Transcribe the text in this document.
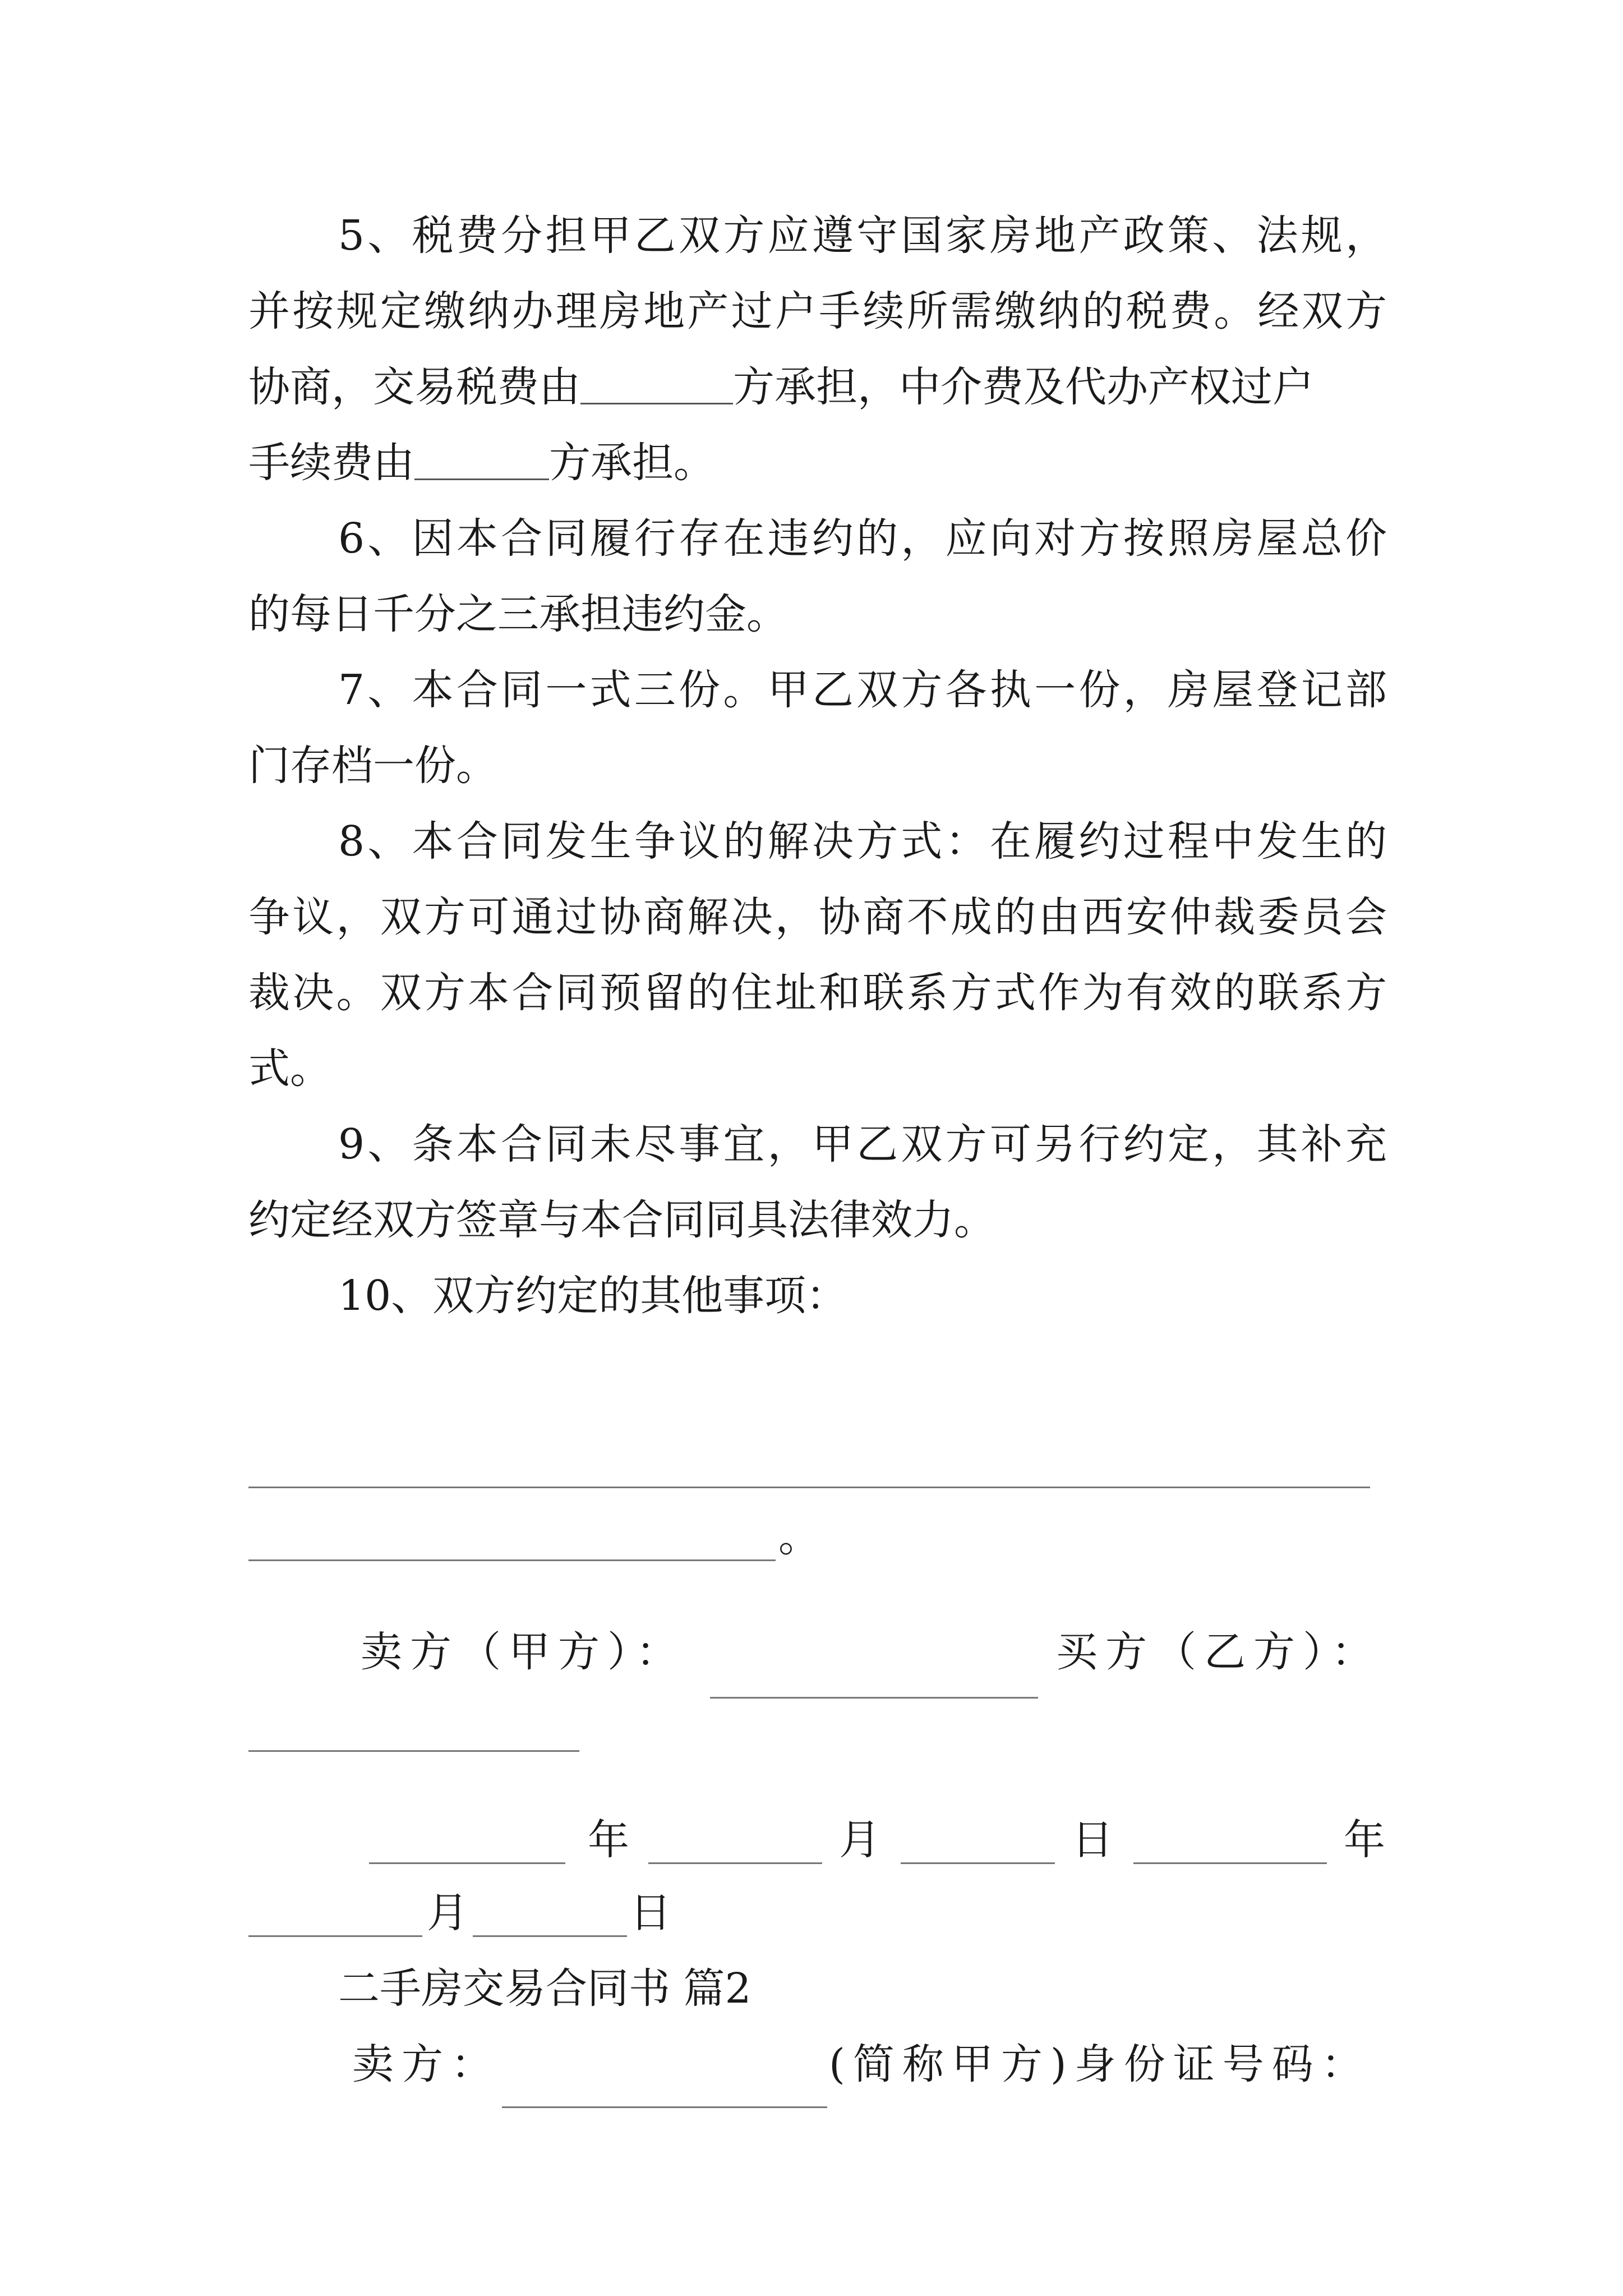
5、税费分担甲乙双方应遵守国家房地产政策、法规，
并按规定缴纳办理房地产过户手续所需缴纳的税费。经双方
协商，交易税费由	方承担，中介费及代办产权过户
手续费由	方承担。
6、因本合同履行存在违约的，应向对方按照房屋总价
的每日千分之三承担违约金。
7、本合同一式三份。甲乙双方各执一份，房屋登记部
门存档一份。
8、本合同发生争议的解决方式：在履约过程中发生的
争议，双方可通过协商解决，协商不成的由西安仲裁委员会
裁决。双方本合同预留的住址和联系方式作为有效的联系方
式。
9、条本合同未尽事宜，甲乙双方可另行约定，其补充
约定经双方签章与本合同同具法律效力。
10、双方约定的其他事项：
。
卖方（甲方）：	买方（乙方）：
年	月	日	年
月	日
二手房交易合同书 篇2
卖方：	(简称甲方)身份证号码：
